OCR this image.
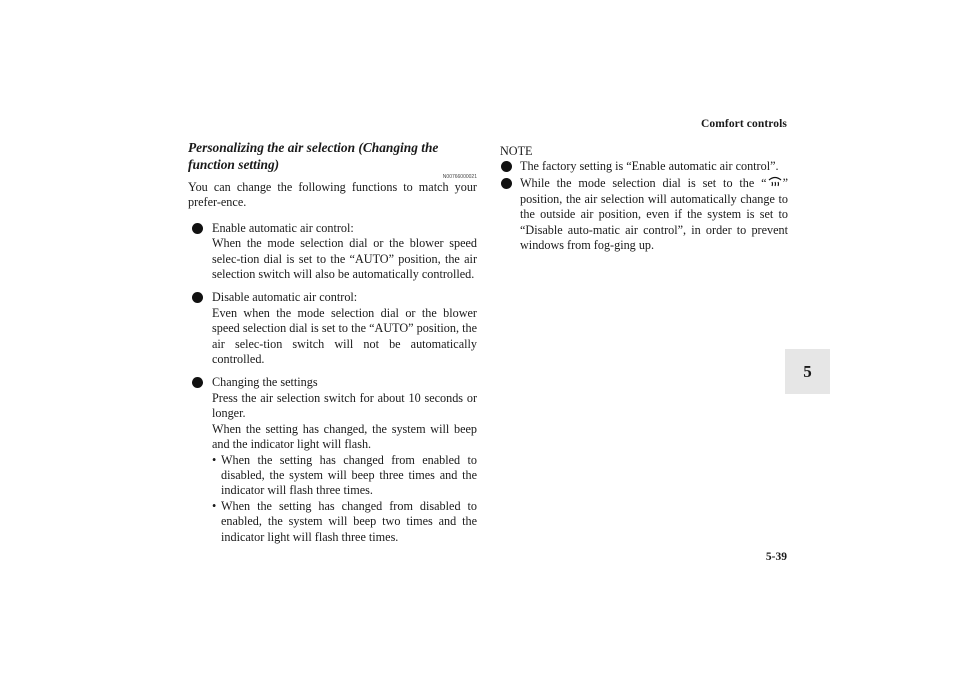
Comfort controls
5

Personalizing the air selection (Changing the function setting)

N00766000021

You can change the following functions to match your prefer-ence.

Enable automatic air control:

When the mode selection dial or the blower speed selec-tion dial is set to the “AUTO” position, the air selection switch will also be automatically controlled.

Disable automatic air control:

Even when the mode selection dial or the blower speed selection dial is set to the “AUTO” position, the air selec-tion switch will not be automatically controlled.

Changing the settings

Press the air selection switch for about 10 seconds or longer.

When the setting has changed, the system will beep and the indicator light will flash.

• When the setting has changed from enabled to disabled, the system will beep three times and the indicator will flash three times.
• When the setting has changed from disabled to enabled, the system will beep two times and the indicator light will flash three times.

NOTE

The factory setting is “Enable automatic air control”.

While the mode selection dial is set to the “ ” position, the air selection will automatically change to the outside air position, even if the system is set to “Disable auto-matic air control”, in order to prevent windows from fog-ging up.

5-39
